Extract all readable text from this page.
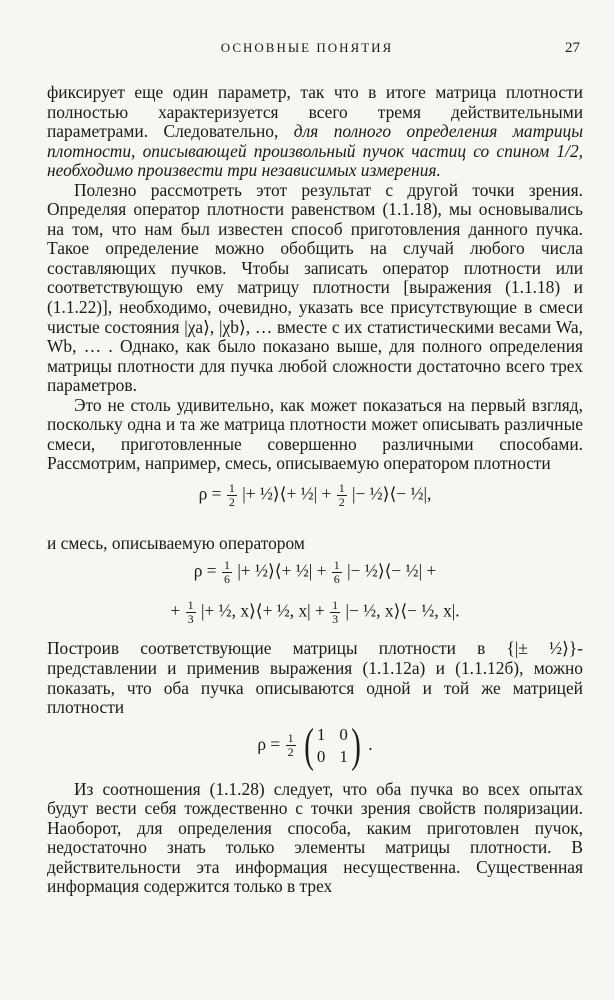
ОСНОВНЫЕ ПОНЯТИЯ	27

фиксирует еще один параметр, так что в итоге матрица плотности полностью характеризуется всего тремя действительными параметрами. Следовательно, для полного определения матрицы плотности, описывающей произвольный пучок частиц со спином 1/2, необходимо произвести три независимых измерения.

Полезно рассмотреть этот результат с другой точки зрения. Определяя оператор плотности равенством (1.1.18), мы основывались на том, что нам был известен способ приготовления данного пучка. Такое определение можно обобщить на случай любого числа составляющих пучков. Чтобы записать оператор плотности или соответствующую ему матрицу плотности [выражения (1.1.18) и (1.1.22)], необходимо, очевидно, указать все присутствующие в смеси чистые состояния |χa⟩, |χb⟩, … вместе с их статистическими весами Wa, Wb, … . Однако, как было показано выше, для полного определения матрицы плотности для пучка любой сложности достаточно всего трех параметров.

Это не столь удивительно, как может показаться на первый взгляд, поскольку одна и та же матрица плотности может описывать различные смеси, приготовленные совершенно различными способами. Рассмотрим, например, смесь, описываемую оператором плотности

$\rho = \frac{1}{2}$ |+ ½⟩⟨+ ½| + $\frac{1}{2}$ |− ½⟩⟨− ½|,

и смесь, описываемую оператором

$\rho = \frac{1}{6}$ |+ ½⟩⟨+ ½| + $\frac{1}{6}$ |− ½⟩⟨− ½| +
+ $\frac{1}{3}$ |+ ½, x⟩⟨+ ½, $x| + \frac{1}{3}$ |− ½, x⟩⟨− ½, x|.

Построив соответствующие матрицы плотности в {|± ½⟩}-представлении и применив выражения (1.1.12а) и (1.1.12б), можно показать, что оба пучка описываются одной и той же матрицей плотности

$\rho = \frac{1}{2}$
( 1 0
0 1 ) .

Из соотношения (1.1.28) следует, что оба пучка во всех опытах будут вести себя тождественно с точки зрения свойств поляризации. Наоборот, для определения способа, каким приготовлен пучок, недостаточно знать только элементы матрицы плотности. В действительности эта информация несущественна. Существенная информация содержится только в трех
